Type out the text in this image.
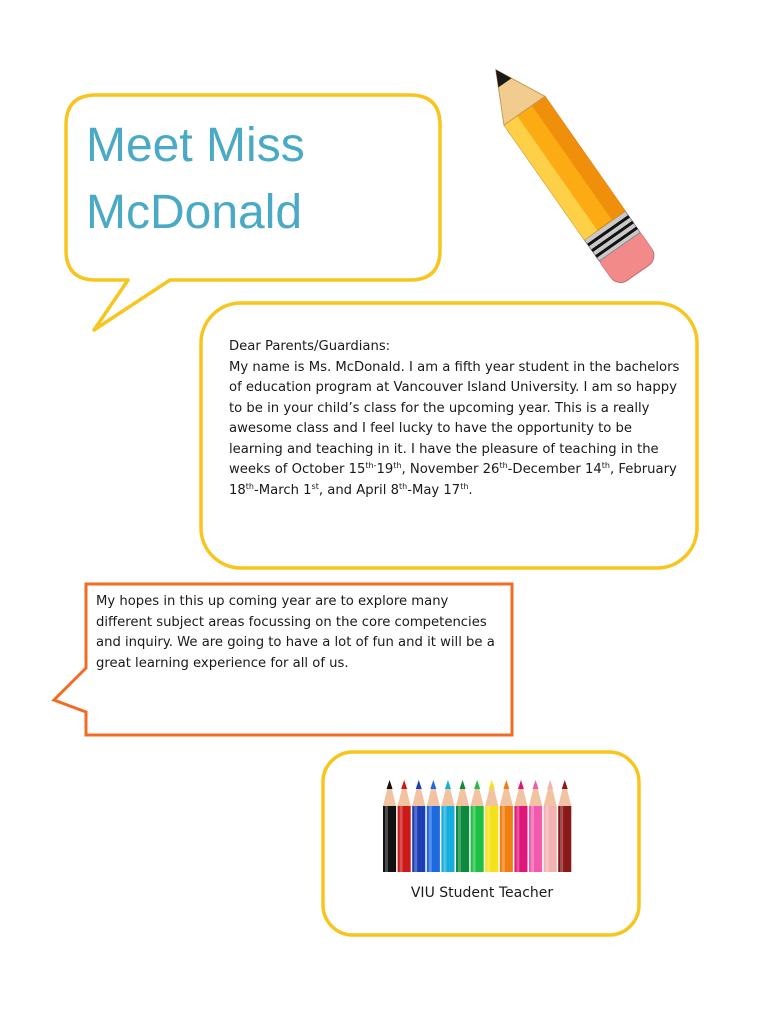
Meet Miss
McDonald
Dear Parents/Guardians:
My name is Ms. McDonald. I am a fifth year student in the bachelors of education program at Vancouver Island University. I am so happy to be in your child’s class for the upcoming year. This is a really awesome class and I feel lucky to have the opportunity to be learning and teaching in it. I have the pleasure of teaching in the weeks of October $15^{th-}19th$, November 26th-December 14th, February 18th-March 1st, and April 8th-May 17th.
My hopes in this up coming year are to explore many different subject areas focussing on the core competencies and inquiry. We are going to have a lot of fun and it will be a great learning experience for all of us.
VIU Student Teacher
